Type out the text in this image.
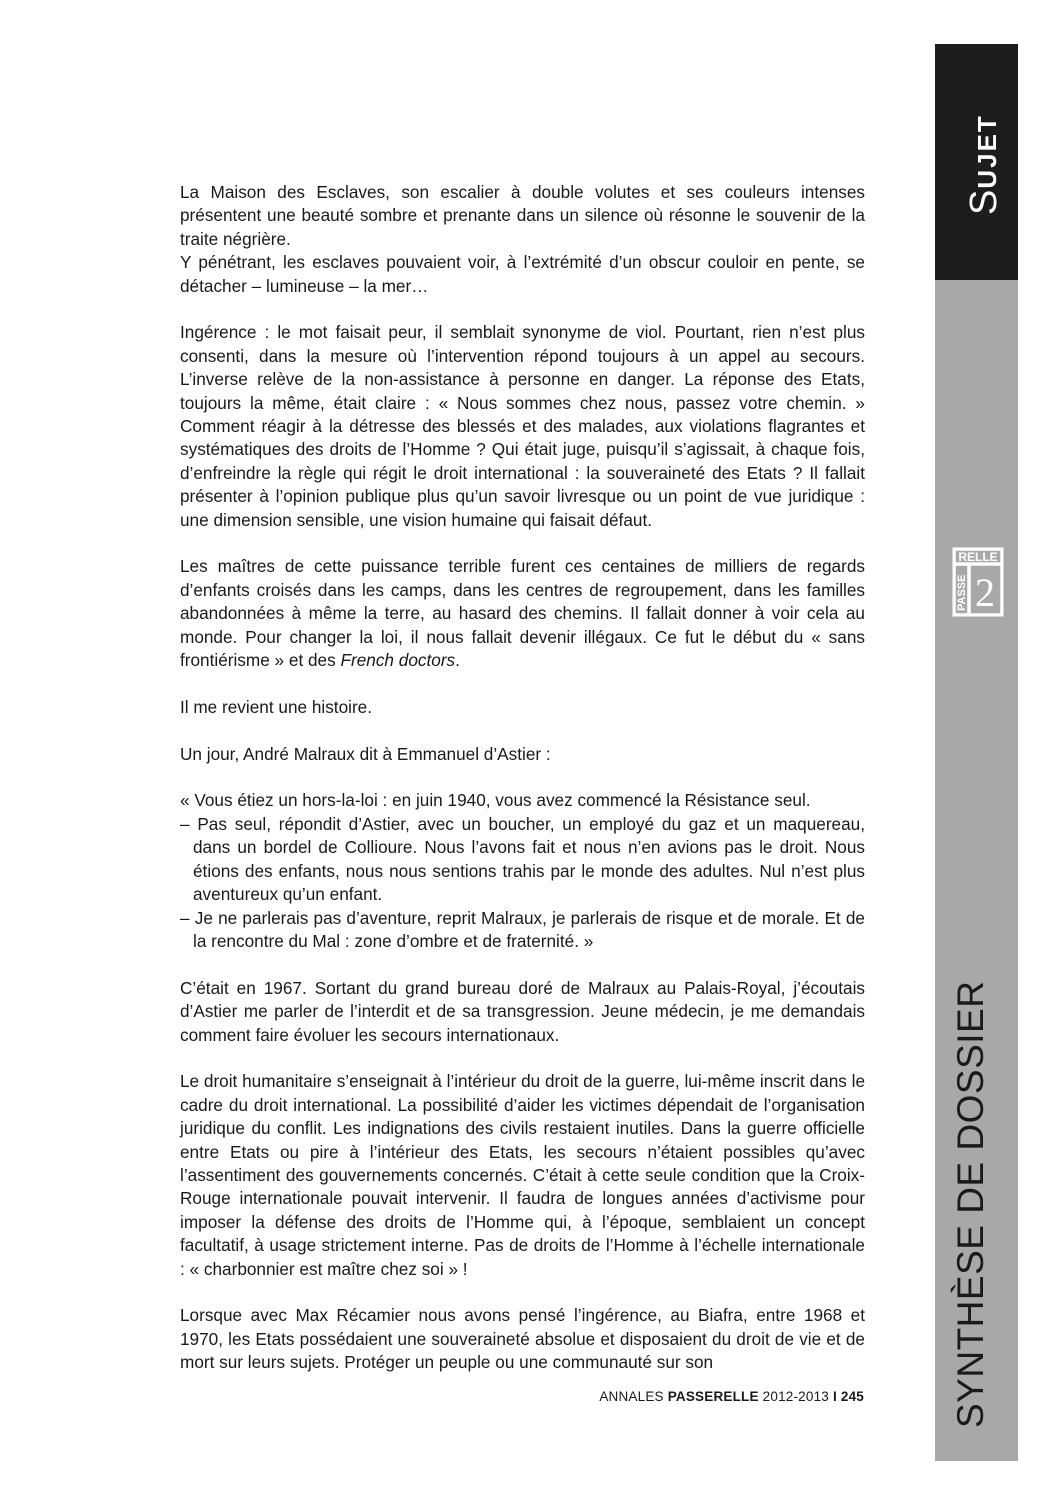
SUJET
SYNTHÈSE DE DOSSIER
RELLE
PASSE 2

La Maison des Esclaves, son escalier à double volutes et ses couleurs intenses présentent une beauté sombre et prenante dans un silence où résonne le souvenir de la traite négrière.
Y pénétrant, les esclaves pouvaient voir, à l’extrémité d’un obscur couloir en pente, se détacher – lumineuse – la mer…

Ingérence : le mot faisait peur, il semblait synonyme de viol. Pourtant, rien n’est plus consenti, dans la mesure où l’intervention répond toujours à un appel au secours. L’inverse relève de la non-assistance à personne en danger. La réponse des Etats, toujours la même, était claire : « Nous sommes chez nous, passez votre chemin. » Comment réagir à la détresse des blessés et des malades, aux violations flagrantes et systématiques des droits de l’Homme ? Qui était juge, puisqu’il s’agissait, à chaque fois, d’enfreindre la règle qui régit le droit international : la souveraineté des Etats ? Il fallait présenter à l’opinion publique plus qu’un savoir livresque ou un point de vue juridique : une dimension sensible, une vision humaine qui faisait défaut.

Les maîtres de cette puissance terrible furent ces centaines de milliers de regards d’enfants croisés dans les camps, dans les centres de regroupement, dans les familles abandonnées à même la terre, au hasard des chemins. Il fallait donner à voir cela au monde. Pour changer la loi, il nous fallait devenir illégaux. Ce fut le début du « sans frontiérisme » et des French doctors.

Il me revient une histoire.

Un jour, André Malraux dit à Emmanuel d’Astier :

« Vous étiez un hors-la-loi : en juin 1940, vous avez commencé la Résistance seul.

– Pas seul, répondit d’Astier, avec un boucher, un employé du gaz et un maquereau, dans un bordel de Collioure. Nous l’avons fait et nous n’en avions pas le droit. Nous étions des enfants, nous nous sentions trahis par le monde des adultes. Nul n’est plus aventureux qu’un enfant.

– Je ne parlerais pas d’aventure, reprit Malraux, je parlerais de risque et de morale. Et de la rencontre du Mal : zone d’ombre et de fraternité. »

C’était en 1967. Sortant du grand bureau doré de Malraux au Palais-Royal, j’écoutais d’Astier me parler de l’interdit et de sa transgression. Jeune médecin, je me demandais comment faire évoluer les secours internationaux.

Le droit humanitaire s’enseignait à l’intérieur du droit de la guerre, lui-même inscrit dans le cadre du droit international. La possibilité d’aider les victimes dépendait de l’organisation juridique du conflit. Les indignations des civils restaient inutiles. Dans la guerre officielle entre Etats ou pire à l’intérieur des Etats, les secours n’étaient possibles qu’avec l’assentiment des gouvernements concernés. C’était à cette seule condition que la Croix-Rouge internationale pouvait intervenir. Il faudra de longues années d’activisme pour imposer la défense des droits de l’Homme qui, à l’époque, semblaient un concept facultatif, à usage strictement interne. Pas de droits de l’Homme à l’échelle internationale : « charbonnier est maître chez soi » !

Lorsque avec Max Récamier nous avons pensé l’ingérence, au Biafra, entre 1968 et 1970, les Etats possédaient une souveraineté absolue et disposaient du droit de vie et de mort sur leurs sujets. Protéger un peuple ou une communauté sur son

ANNALES PASSERELLE 2012-2013 I 245
